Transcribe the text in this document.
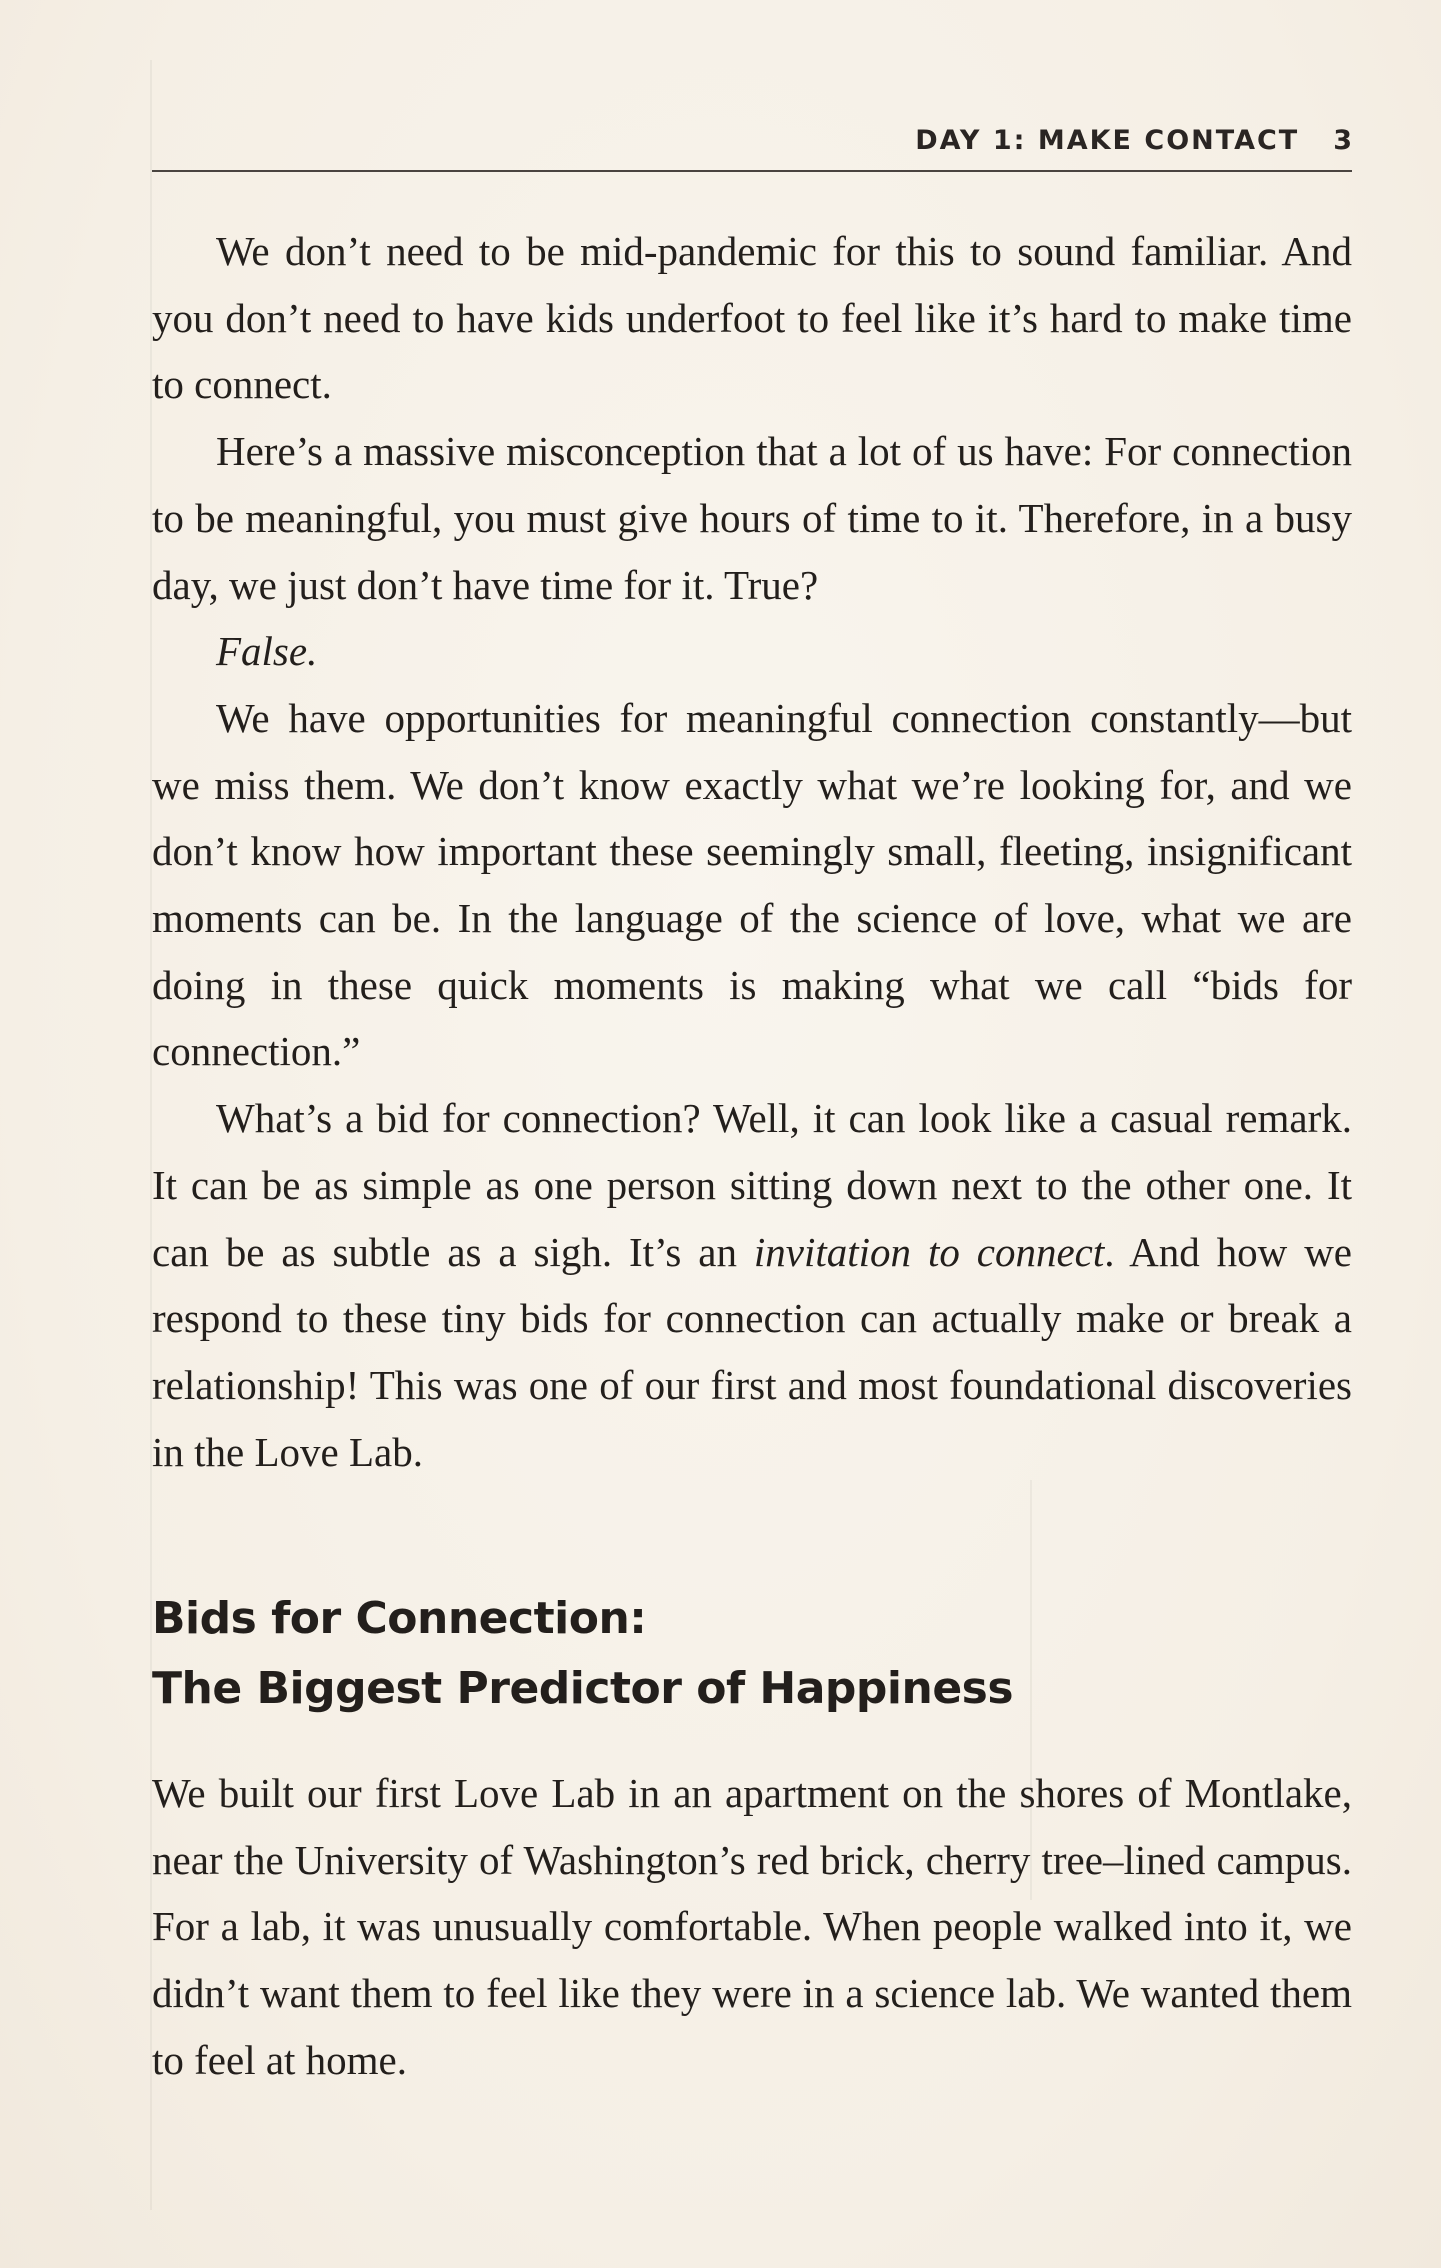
DAY 1: MAKE CONTACT 3

We don’t need to be mid-pandemic for this to sound familiar. And you don’t need to have kids underfoot to feel like it’s hard to make time to connect.

Here’s a massive misconception that a lot of us have: For connection to be meaningful, you must give hours of time to it. Therefore, in a busy day, we just don’t have time for it. True?

False.

We have opportunities for meaningful connection constantly—but we miss them. We don’t know exactly what we’re looking for, and we don’t know how important these seemingly small, fleeting, insignificant moments can be. In the language of the science of love, what we are doing in these quick moments is making what we call “bids for connection.”

What’s a bid for connection? Well, it can look like a casual remark. It can be as simple as one person sitting down next to the other one. It can be as subtle as a sigh. It’s an invitation to connect. And how we respond to these tiny bids for connection can actually make or break a relationship! This was one of our first and most foundational discoveries in the Love Lab.

Bids for Connection:
The Biggest Predictor of Happiness

We built our first Love Lab in an apartment on the shores of Montlake, near the University of Washington’s red brick, cherry tree–lined campus. For a lab, it was unusually comfortable. When people walked into it, we didn’t want them to feel like they were in a science lab. We wanted them to feel at home.
